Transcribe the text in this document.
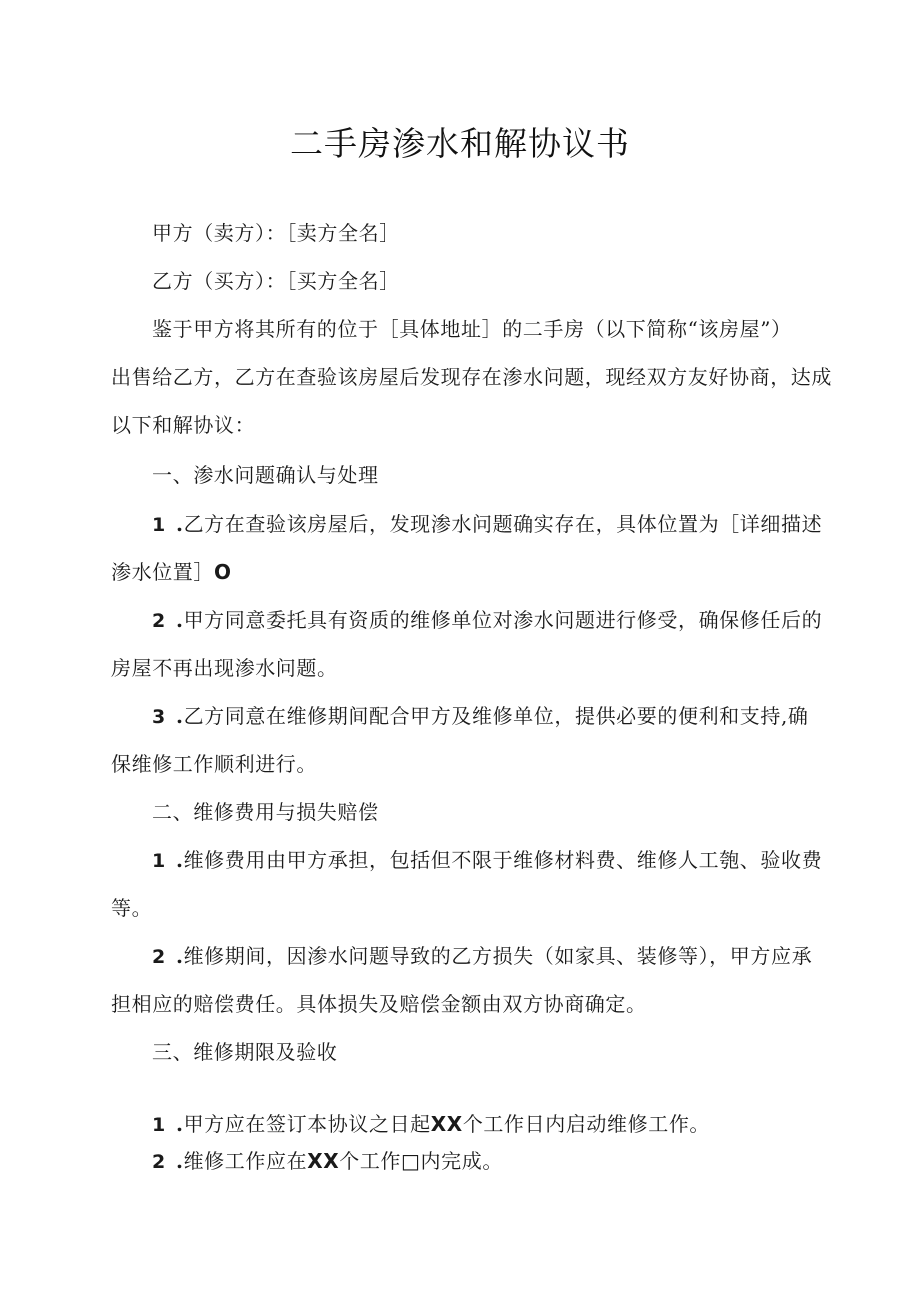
二手房渗水和解协议书
甲方（卖方）：［卖方全名］
乙方（买方）：［买方全名］
鉴于甲方将其所有的位于［具体地址］的二手房（以下简称“该房屋”）
出售给乙方，乙方在查验该房屋后发现存在渗水问题，现经双方友好协商，达成
以下和解协议：
一、渗水问题确认与处理
1 .乙方在查验该房屋后，发现渗水问题确实存在，具体位置为［详细描述
渗水位置］O
2 .甲方同意委托具有资质的维修单位对渗水问题进行修受，确保修任后的
房屋不再出现渗水问题。
3 .乙方同意在维修期间配合甲方及维修单位，提供必要的便利和支持,确
保维修工作顺利进行。
二、维修费用与损失赔偿
1 .维修费用由甲方承担，包括但不限于维修材料费、维修人工匏、验收费
等。
2 .维修期间，因渗水问题导致的乙方损失（如家具、装修等），甲方应承
担相应的赔偿费任。具体损失及赔偿金额由双方协商确定。
三、维修期限及验收
1 .甲方应在签订本协议之日起XX个工作日内启动维修工作。
2 .维修工作应在XX个工作□内完成。
